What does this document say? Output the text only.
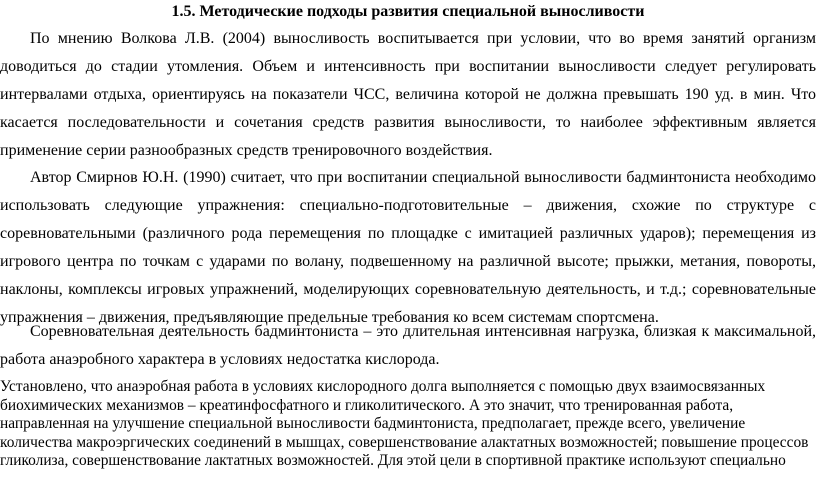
1.5. Методические подходы развития специальной выносливости

По мнению Волкова Л.В. (2004) выносливость воспитывается при условии, что во время занятий организм доводиться до стадии утомления. Объем и интенсивность при воспитании выносливости следует регулировать интервалами отдыха, ориентируясь на показатели ЧСС, величина которой не должна превышать 190 уд. в мин. Что касается последовательности и сочетания средств развития выносливости, то наиболее эффективным является применение серии разнообразных средств тренировочного воздействия.

Автор Смирнов Ю.Н. (1990) считает, что при воспитании специальной выносливости бадминтониста необходимо использовать следующие упражнения: специально-подготовительные – движения, схожие по структуре с соревновательными (различного рода перемещения по площадке с имитацией различных ударов); перемещения из игрового центра по точкам с ударами по волану, подвешенному на различной высоте; прыжки, метания, повороты, наклоны, комплексы игровых упражнений, моделирующих соревновательную деятельность, и т.д.; соревновательные упражнения – движения, предъявляющие предельные требования ко всем системам спортсмена.

Соревновательная деятельность бадминтониста – это длительная интенсивная нагрузка, близкая к максимальной, работа анаэробного характера в условиях недостатка кислорода.

Установлено, что анаэробная работа в условиях кислородного долга выполняется с помощью двух взаимосвязанных биохимических механизмов – креатинфосфатного и гликолитического. А это значит, что тренированная работа, направленная на улучшение специальной выносливости бадминтониста, предполагает, прежде всего, увеличение количества макроэргических соединений в мышцах, совершенствование алактатных возможностей; повышение процессов гликолиза, совершенствование лактатных возможностей. Для этой цели в спортивной практике используют специально
